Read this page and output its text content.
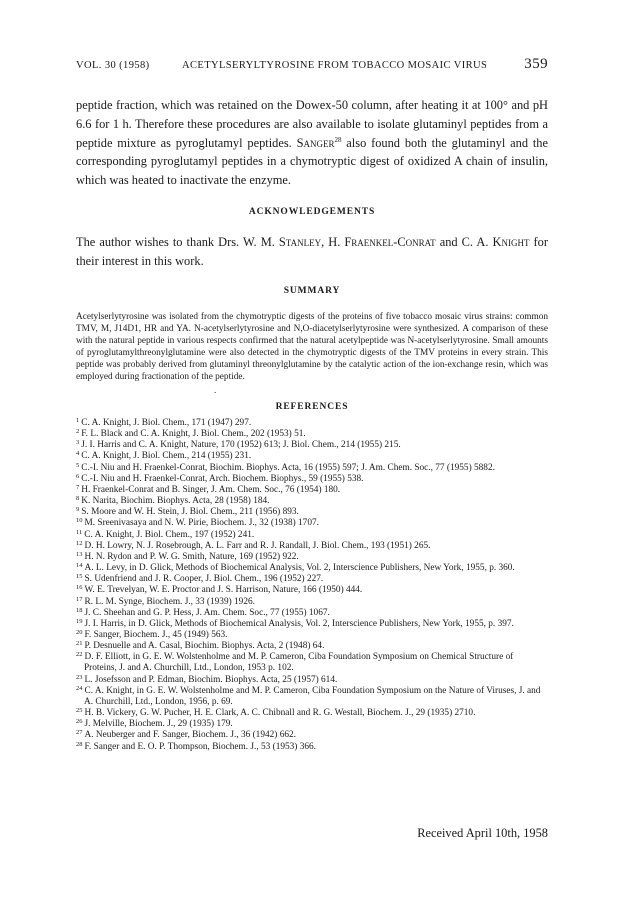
VOL. 30 (1958)	ACETYLSERYLTYROSINE FROM TOBACCO MOSAIC VIRUS 359

peptide fraction, which was retained on the Dowex-50 column, after heating it at 100° and pH 6.6 for 1 h. Therefore these procedures are also available to isolate glutaminyl peptides from a peptide mixture as pyroglutamyl peptides. Sanger$^{28}$ also found both the glutaminyl and the corresponding pyroglutamyl peptides in a chymotryptic digest of oxidized A chain of insulin, which was heated to inactivate the enzyme.

ACKNOWLEDGEMENTS

The author wishes to thank Drs. W. M. Stanley, H. Fraenkel-Conrat and C. A. Knight for their interest in this work.

SUMMARY

Acetylserlytyrosine was isolated from the chymotryptic digests of the proteins of five tobacco mosaic virus strains: common TMV, M, J14D1, HR and YA. N-acetylserlytyrosine and N,O-diacetylserlytyrosine were synthesized. A comparison of these with the natural peptide in various respects confirmed that the natural acetylpeptide was N-acetylserlytyrosine. Small amounts of pyroglutamylthreonylglutamine were also detected in the chymotryptic digests of the TMV proteins in every strain. This peptide was probably derived from glutaminyl threonylglutamine by the catalytic action of the ion-exchange resin, which was employed during fractionation of the peptide.

.
REFERENCES
$^1$ C. A. Knight, J. Biol. Chem., 171 (1947) 297.
$^2$ F. L. Black and C. A. Knight, J. Biol. Chem., 202 (1953) 51.
$^3$ J. I. Harris and C. A. Knight, Nature, 170 (1952) 613; J. Biol. Chem., 214 (1955) 215.
$^4$ C. A. Knight, J. Biol. Chem., 214 (1955) 231.
$^5$ C.-I. Niu and H. Fraenkel-Conrat, Biochim. Biophys. Acta, 16 (1955) 597; J. Am. Chem. Soc., 77 (1955) 5882.
$^6$ C.-I. Niu and H. Fraenkel-Conrat, Arch. Biochem. Biophys., 59 (1955) 538.
$^7$ H. Fraenkel-Conrat and B. Singer, J. Am. Chem. Soc., 76 (1954) 180.
$^8$ K. Narita, Biochim. Biophys. Acta, 28 (1958) 184.
$^9$ S. Moore and W. H. Stein, J. Biol. Chem., 211 (1956) 893.
$^{10}$ M. Sreenivasaya and N. W. Pirie, Biochem. J., 32 (1938) 1707.
$^{11}$ C. A. Knight, J. Biol. Chem., 197 (1952) 241.
$^{12}$ D. H. Lowry, N. J. Rosebrough, A. L. Farr and R. J. Randall, J. Biol. Chem., 193 (1951) 265.
$^{13}$ H. N. Rydon and P. W. G. Smith, Nature, 169 (1952) 922.
$^{14}$ A. L. Levy, in D. Glick, Methods of Biochemical Analysis, Vol. 2, Interscience Publishers, New York, 1955, p. 360.
$^{15}$ S. Udenfriend and J. R. Cooper, J. Biol. Chem., 196 (1952) 227.
$^{16}$ W. E. Trevelyan, W. E. Proctor and J. S. Harrison, Nature, 166 (1950) 444.
$^{17}$ R. L. M. Synge, Biochem. J., 33 (1939) 1926.
$^{18}$ J. C. Sheehan and G. P. Hess, J. Am. Chem. Soc., 77 (1955) 1067.
$^{19}$ J. I. Harris, in D. Glick, Methods of Biochemical Analysis, Vol. 2, Interscience Publishers, New York, 1955, p. 397.
$^{20}$ F. Sanger, Biochem. J., 45 (1949) 563.
$^{21}$ P. Desnuelle and A. Casal, Biochim. Biophys. Acta, 2 (1948) 64.
$^{22}$ D. F. Elliott, in G. E. W. Wolstenholme and M. P. Cameron, Ciba Foundation Symposium on Chemical Structure of Proteins, J. and A. Churchill, Ltd., London, 1953 p. 102.
$^{23}$ L. Josefsson and P. Edman, Biochim. Biophys. Acta, 25 (1957) 614.
$^{24}$ C. A. Knight, in G. E. W. Wolstenholme and M. P. Cameron, Ciba Foundation Symposium on the Nature of Viruses, J. and A. Churchill, Ltd., London, 1956, p. 69.
$^{25}$ H. B. Vickery, G. W. Pucher, H. E. Clark, A. C. Chibnall and R. G. Westall, Biochem. J., 29 (1935) 2710.
$^{26}$ J. Melville, Biochem. J., 29 (1935) 179.
$^{27}$ A. Neuberger and F. Sanger, Biochem. J., 36 (1942) 662.
$^{28}$ F. Sanger and E. O. P. Thompson, Biochem. J., 53 (1953) 366.
Received April 10th, 1958
